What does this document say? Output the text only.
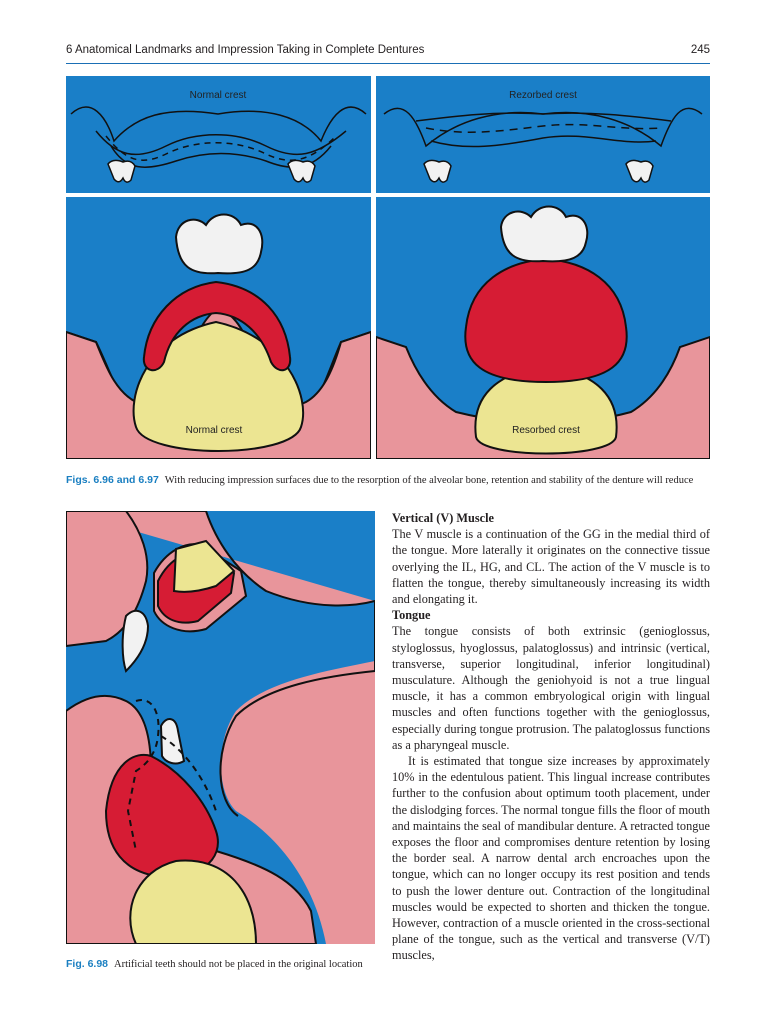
6 Anatomical Landmarks and Impression Taking in Complete Dentures	245
Normal crest	Rezorbed crest
Normal crest	Resorbed crest
Figs. 6.96 and 6.97 With reducing impression surfaces due to the resorption of the alveolar bone, retention and stability of the denture will reduce
Fig. 6.98 Artificial teeth should not be placed in the original location
Vertical (V) Muscle

The V muscle is a continuation of the GG in the medial third of the tongue. More laterally it originates on the connective tissue overlying the IL, HG, and CL. The action of the V muscle is to flatten the tongue, thereby simultaneously increasing its width and elongating it.

Tongue

The tongue consists of both extrinsic (genioglossus, styloglossus, hyoglossus, palatoglossus) and intrinsic (vertical, transverse, superior longitudinal, inferior longitudinal) musculature. Although the geniohyoid is not a true lingual muscle, it has a common embryological origin with lingual muscles and often functions together with the genioglossus, especially during tongue protrusion. The palatoglossus functions as a pharyngeal muscle.

It is estimated that tongue size increases by approximately 10% in the edentulous patient. This lingual increase contributes further to the confusion about optimum tooth placement, under the dislodging forces. The normal tongue fills the floor of mouth and maintains the seal of mandibular denture. A retracted tongue exposes the floor and compromises denture retention by losing the border seal. A narrow dental arch encroaches upon the tongue, which can no longer occupy its rest position and tends to push the lower denture out. Contraction of the longitudinal muscles would be expected to shorten and thicken the tongue. However, contraction of a muscle oriented in the cross-sectional plane of the tongue, such as the vertical and transverse (V/T) muscles,
